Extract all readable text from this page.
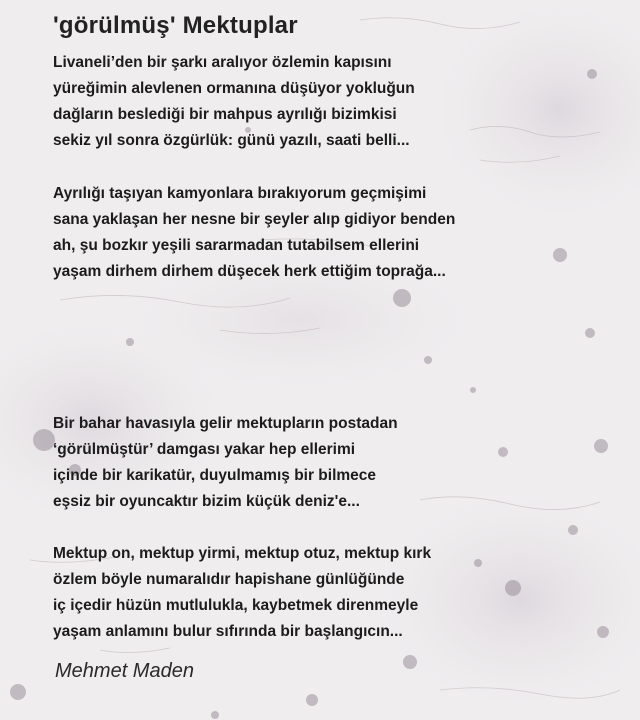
'görülmüş' Mektuplar
Livaneli’den bir şarkı aralıyor özlemin kapısını
yüreğimin alevlenen ormanına düşüyor yokluğun
dağların beslediği bir mahpus ayrılığı bizimkisi
sekiz yıl sonra özgürlük: günü yazılı, saati belli...
Ayrılığı taşıyan kamyonlara bırakıyorum geçmişimi
sana yaklaşan her nesne bir şeyler alıp gidiyor benden
ah, şu bozkır yeşili sararmadan tutabilsem ellerini
yaşam dirhem dirhem düşecek herk ettiğim toprağa...
Bir bahar havasıyla gelir mektupların postadan
‘görülmüştür’ damgası yakar hep ellerimi
içinde bir karikatür, duyulmamış bir bilmece
eşsiz bir oyuncaktır bizim küçük deniz'e...
Mektup on, mektup yirmi, mektup otuz, mektup kırk
özlem böyle numaralıdır hapishane günlüğünde
iç içedir hüzün mutlulukla, kaybetmek direnmeyle
yaşam anlamını bulur sıfırında bir başlangıcın...
Mehmet Maden
